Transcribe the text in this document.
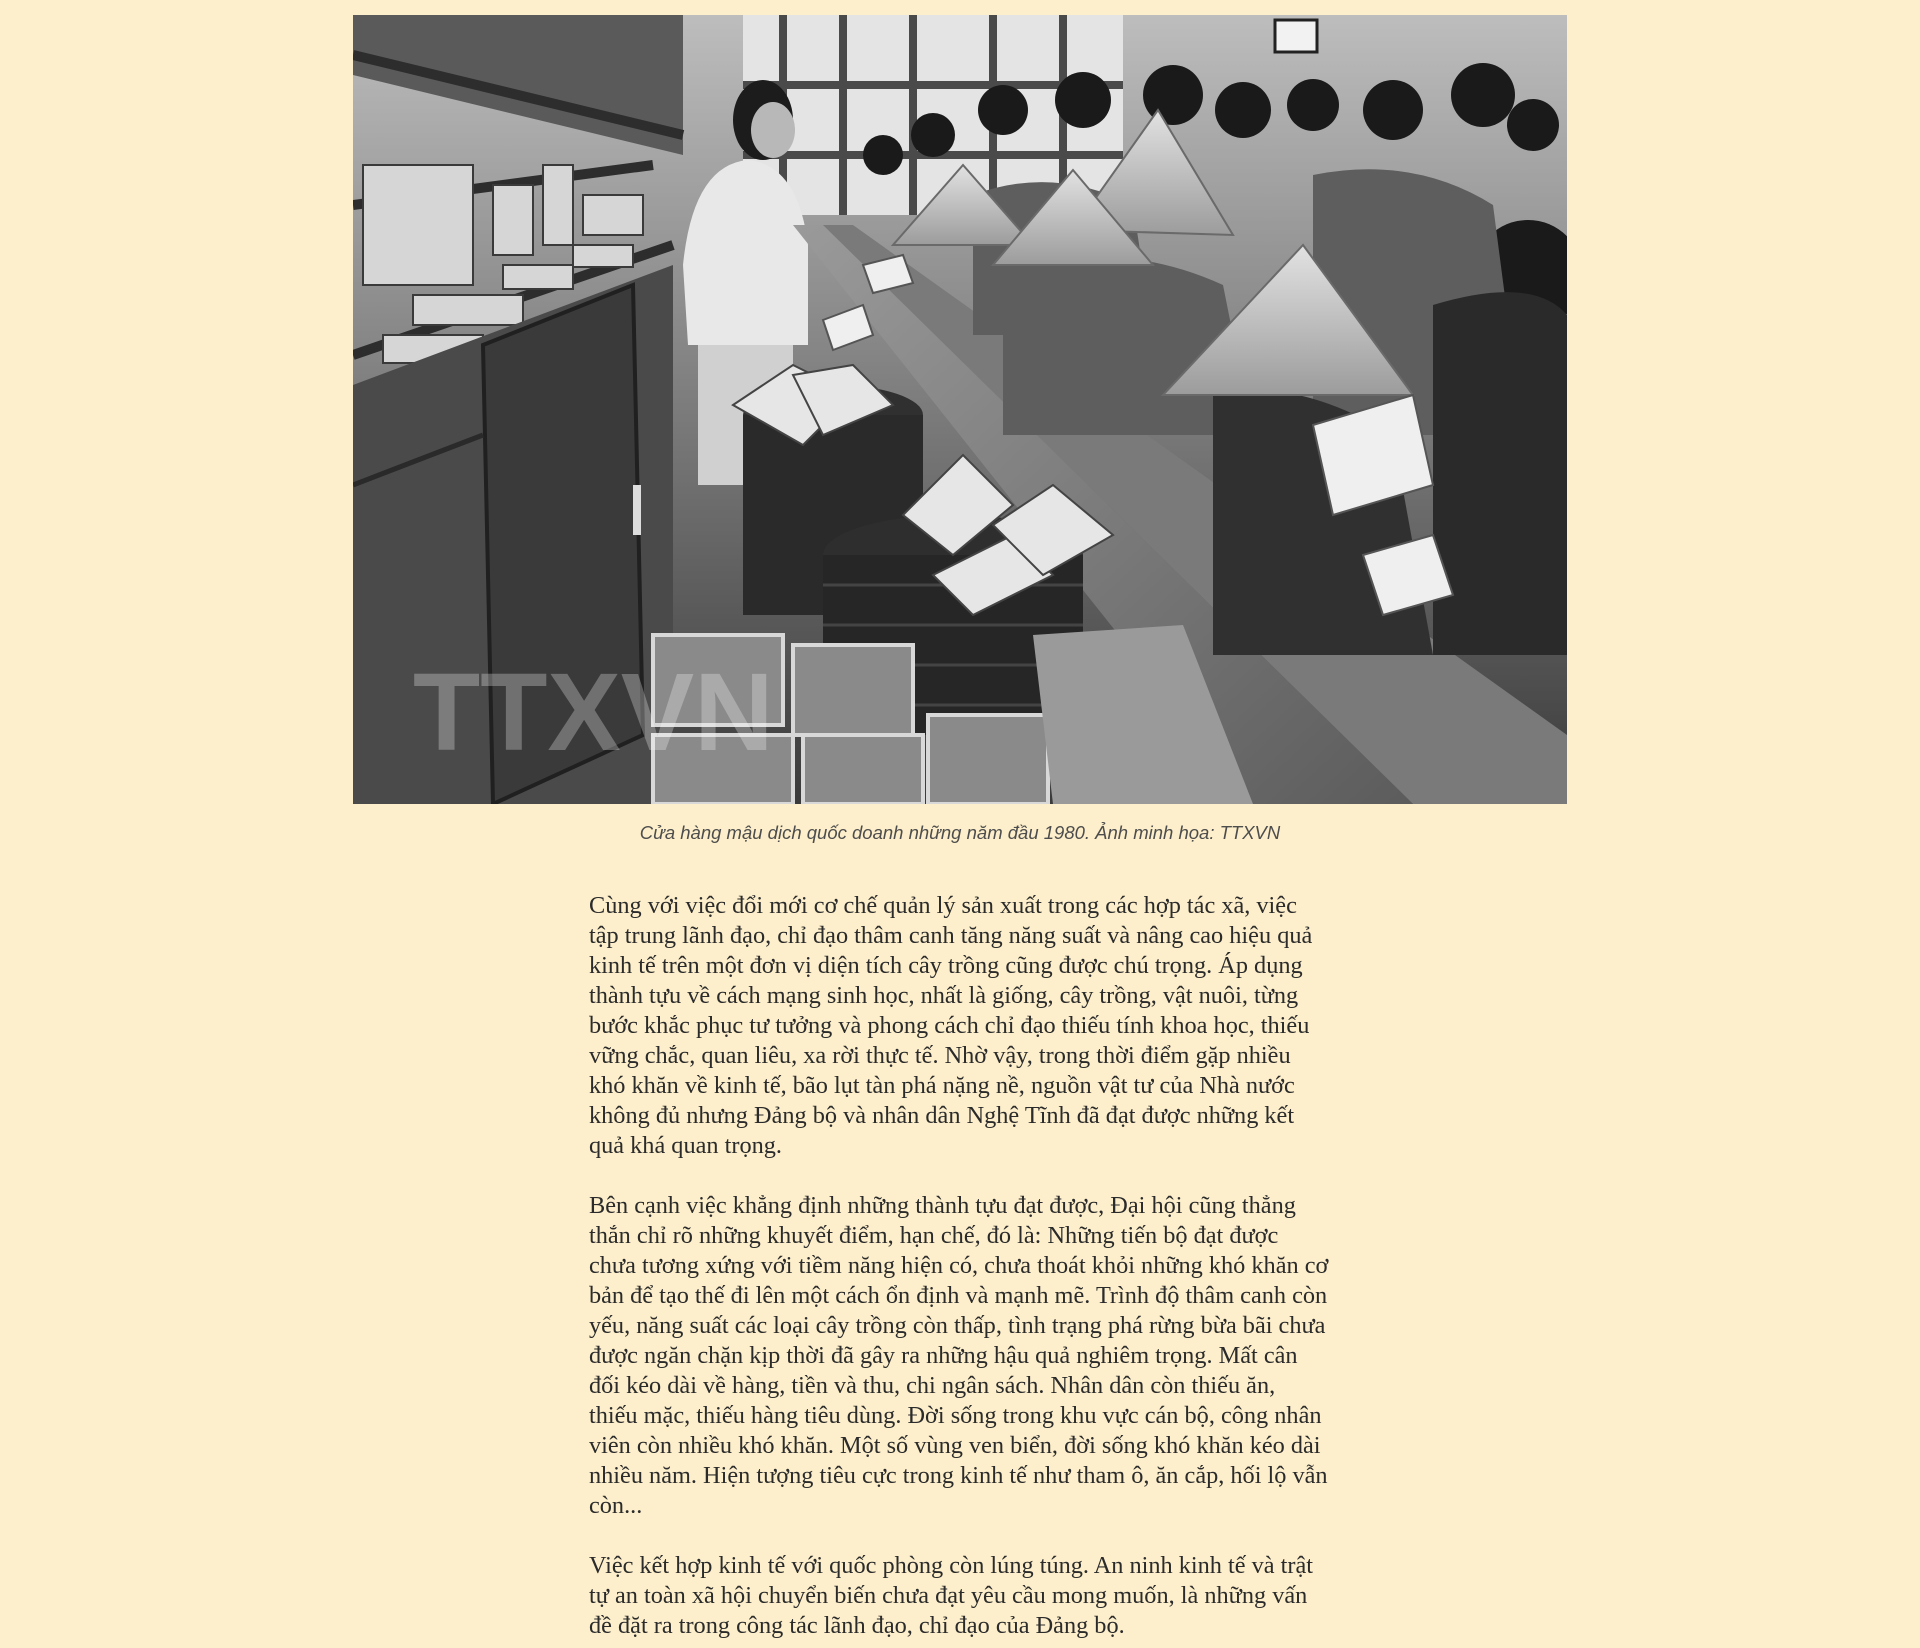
TTXVN

Cửa hàng mậu dịch quốc doanh những năm đầu 1980. Ảnh minh họa: TTXVN

Cùng với việc đổi mới cơ chế quản lý sản xuất trong các hợp tác xã, việc tập trung lãnh đạo, chỉ đạo thâm canh tăng năng suất và nâng cao hiệu quả kinh tế trên một đơn vị diện tích cây trồng cũng được chú trọng. Áp dụng thành tựu về cách mạng sinh học, nhất là giống, cây trồng, vật nuôi, từng bước khắc phục tư tưởng và phong cách chỉ đạo thiếu tính khoa học, thiếu vững chắc, quan liêu, xa rời thực tế. Nhờ vậy, trong thời điểm gặp nhiều khó khăn về kinh tế, bão lụt tàn phá nặng nề, nguồn vật tư của Nhà nước không đủ nhưng Đảng bộ và nhân dân Nghệ Tĩnh đã đạt được những kết quả khá quan trọng.

Bên cạnh việc khẳng định những thành tựu đạt được, Đại hội cũng thẳng thắn chỉ rõ những khuyết điểm, hạn chế, đó là: Những tiến bộ đạt được chưa tương xứng với tiềm năng hiện có, chưa thoát khỏi những khó khăn cơ bản để tạo thế đi lên một cách ổn định và mạnh mẽ. Trình độ thâm canh còn yếu, năng suất các loại cây trồng còn thấp, tình trạng phá rừng bừa bãi chưa được ngăn chặn kịp thời đã gây ra những hậu quả nghiêm trọng. Mất cân đối kéo dài về hàng, tiền và thu, chi ngân sách. Nhân dân còn thiếu ăn, thiếu mặc, thiếu hàng tiêu dùng. Đời sống trong khu vực cán bộ, công nhân viên còn nhiều khó khăn. Một số vùng ven biển, đời sống khó khăn kéo dài nhiều năm. Hiện tượng tiêu cực trong kinh tế như tham ô, ăn cắp, hối lộ vẫn còn...

Việc kết hợp kinh tế với quốc phòng còn lúng túng. An ninh kinh tế và trật tự an toàn xã hội chuyển biến chưa đạt yêu cầu mong muốn, là những vấn đề đặt ra trong công tác lãnh đạo, chỉ đạo của Đảng bộ.
